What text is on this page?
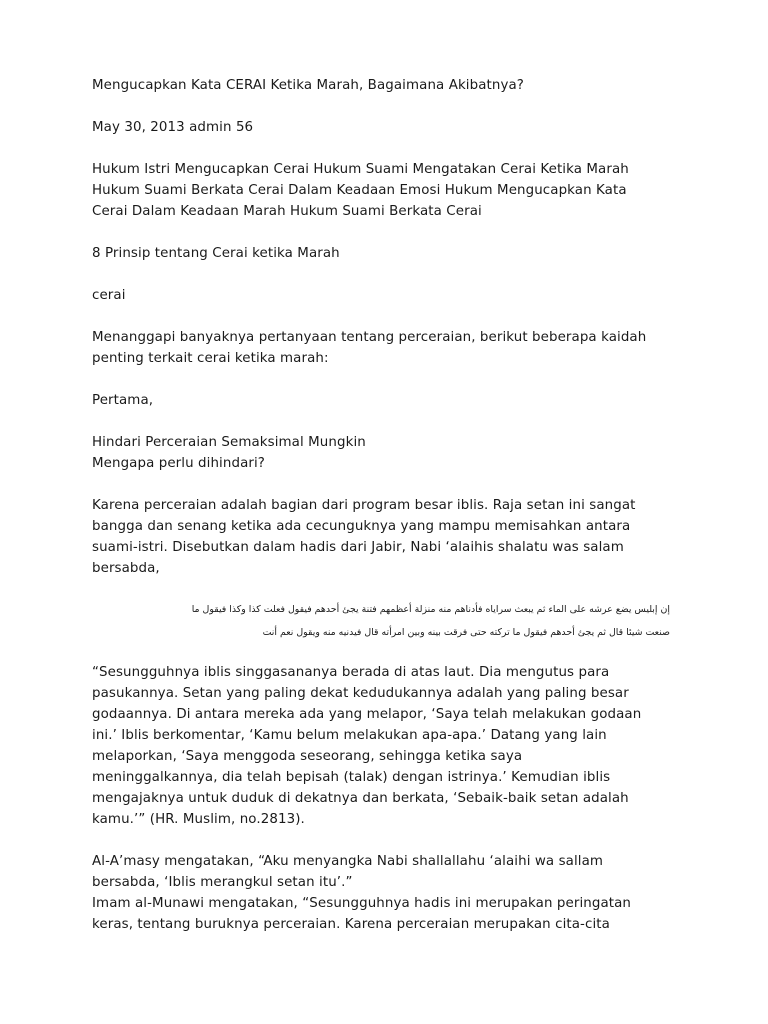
Mengucapkan Kata CERAI Ketika Marah, Bagaimana Akibatnya?
May 30, 2013 admin 56
Hukum Istri Mengucapkan Cerai Hukum Suami Mengatakan Cerai Ketika Marah
Hukum Suami Berkata Cerai Dalam Keadaan Emosi Hukum Mengucapkan Kata
Cerai Dalam Keadaan Marah Hukum Suami Berkata Cerai
8 Prinsip tentang Cerai ketika Marah
cerai
Menanggapi banyaknya pertanyaan tentang perceraian, berikut beberapa kaidah
penting terkait cerai ketika marah:
Pertama,
Hindari Perceraian Semaksimal Mungkin
Mengapa perlu dihindari?
Karena perceraian adalah bagian dari program besar iblis. Raja setan ini sangat
bangga dan senang ketika ada cecunguknya yang mampu memisahkan antara
suami-istri. Disebutkan dalam hadis dari Jabir, Nabi ‘alaihis shalatu was salam
bersabda,
إن إبليس يضع عرشه على الماء ثم يبعث سراياه فأدناهم منه منزلة أعظمهم فتنة يجئ أحدهم فيقول فعلت كذا وكذا فيقول ما
صنعت شيئا قال ثم يجئ أحدهم فيقول ما تركته حتى فرقت بينه وبين امرأته قال فيدنيه منه ويقول نعم أنت
“Sesungguhnya iblis singgasananya berada di atas laut. Dia mengutus para
pasukannya. Setan yang paling dekat kedudukannya adalah yang paling besar
godaannya. Di antara mereka ada yang melapor, ‘Saya telah melakukan godaan
ini.’ Iblis berkomentar, ‘Kamu belum melakukan apa-apa.’ Datang yang lain
melaporkan, ‘Saya menggoda seseorang, sehingga ketika saya
meninggalkannya, dia telah bepisah (talak) dengan istrinya.’ Kemudian iblis
mengajaknya untuk duduk di dekatnya dan berkata, ‘Sebaik-baik setan adalah
kamu.’” (HR. Muslim, no.2813).
Al-A’masy mengatakan, “Aku menyangka Nabi shallallahu ‘alaihi wa sallam
bersabda, ‘Iblis merangkul setan itu’.”
Imam al-Munawi mengatakan, “Sesungguhnya hadis ini merupakan peringatan
keras, tentang buruknya perceraian. Karena perceraian merupakan cita-cita
